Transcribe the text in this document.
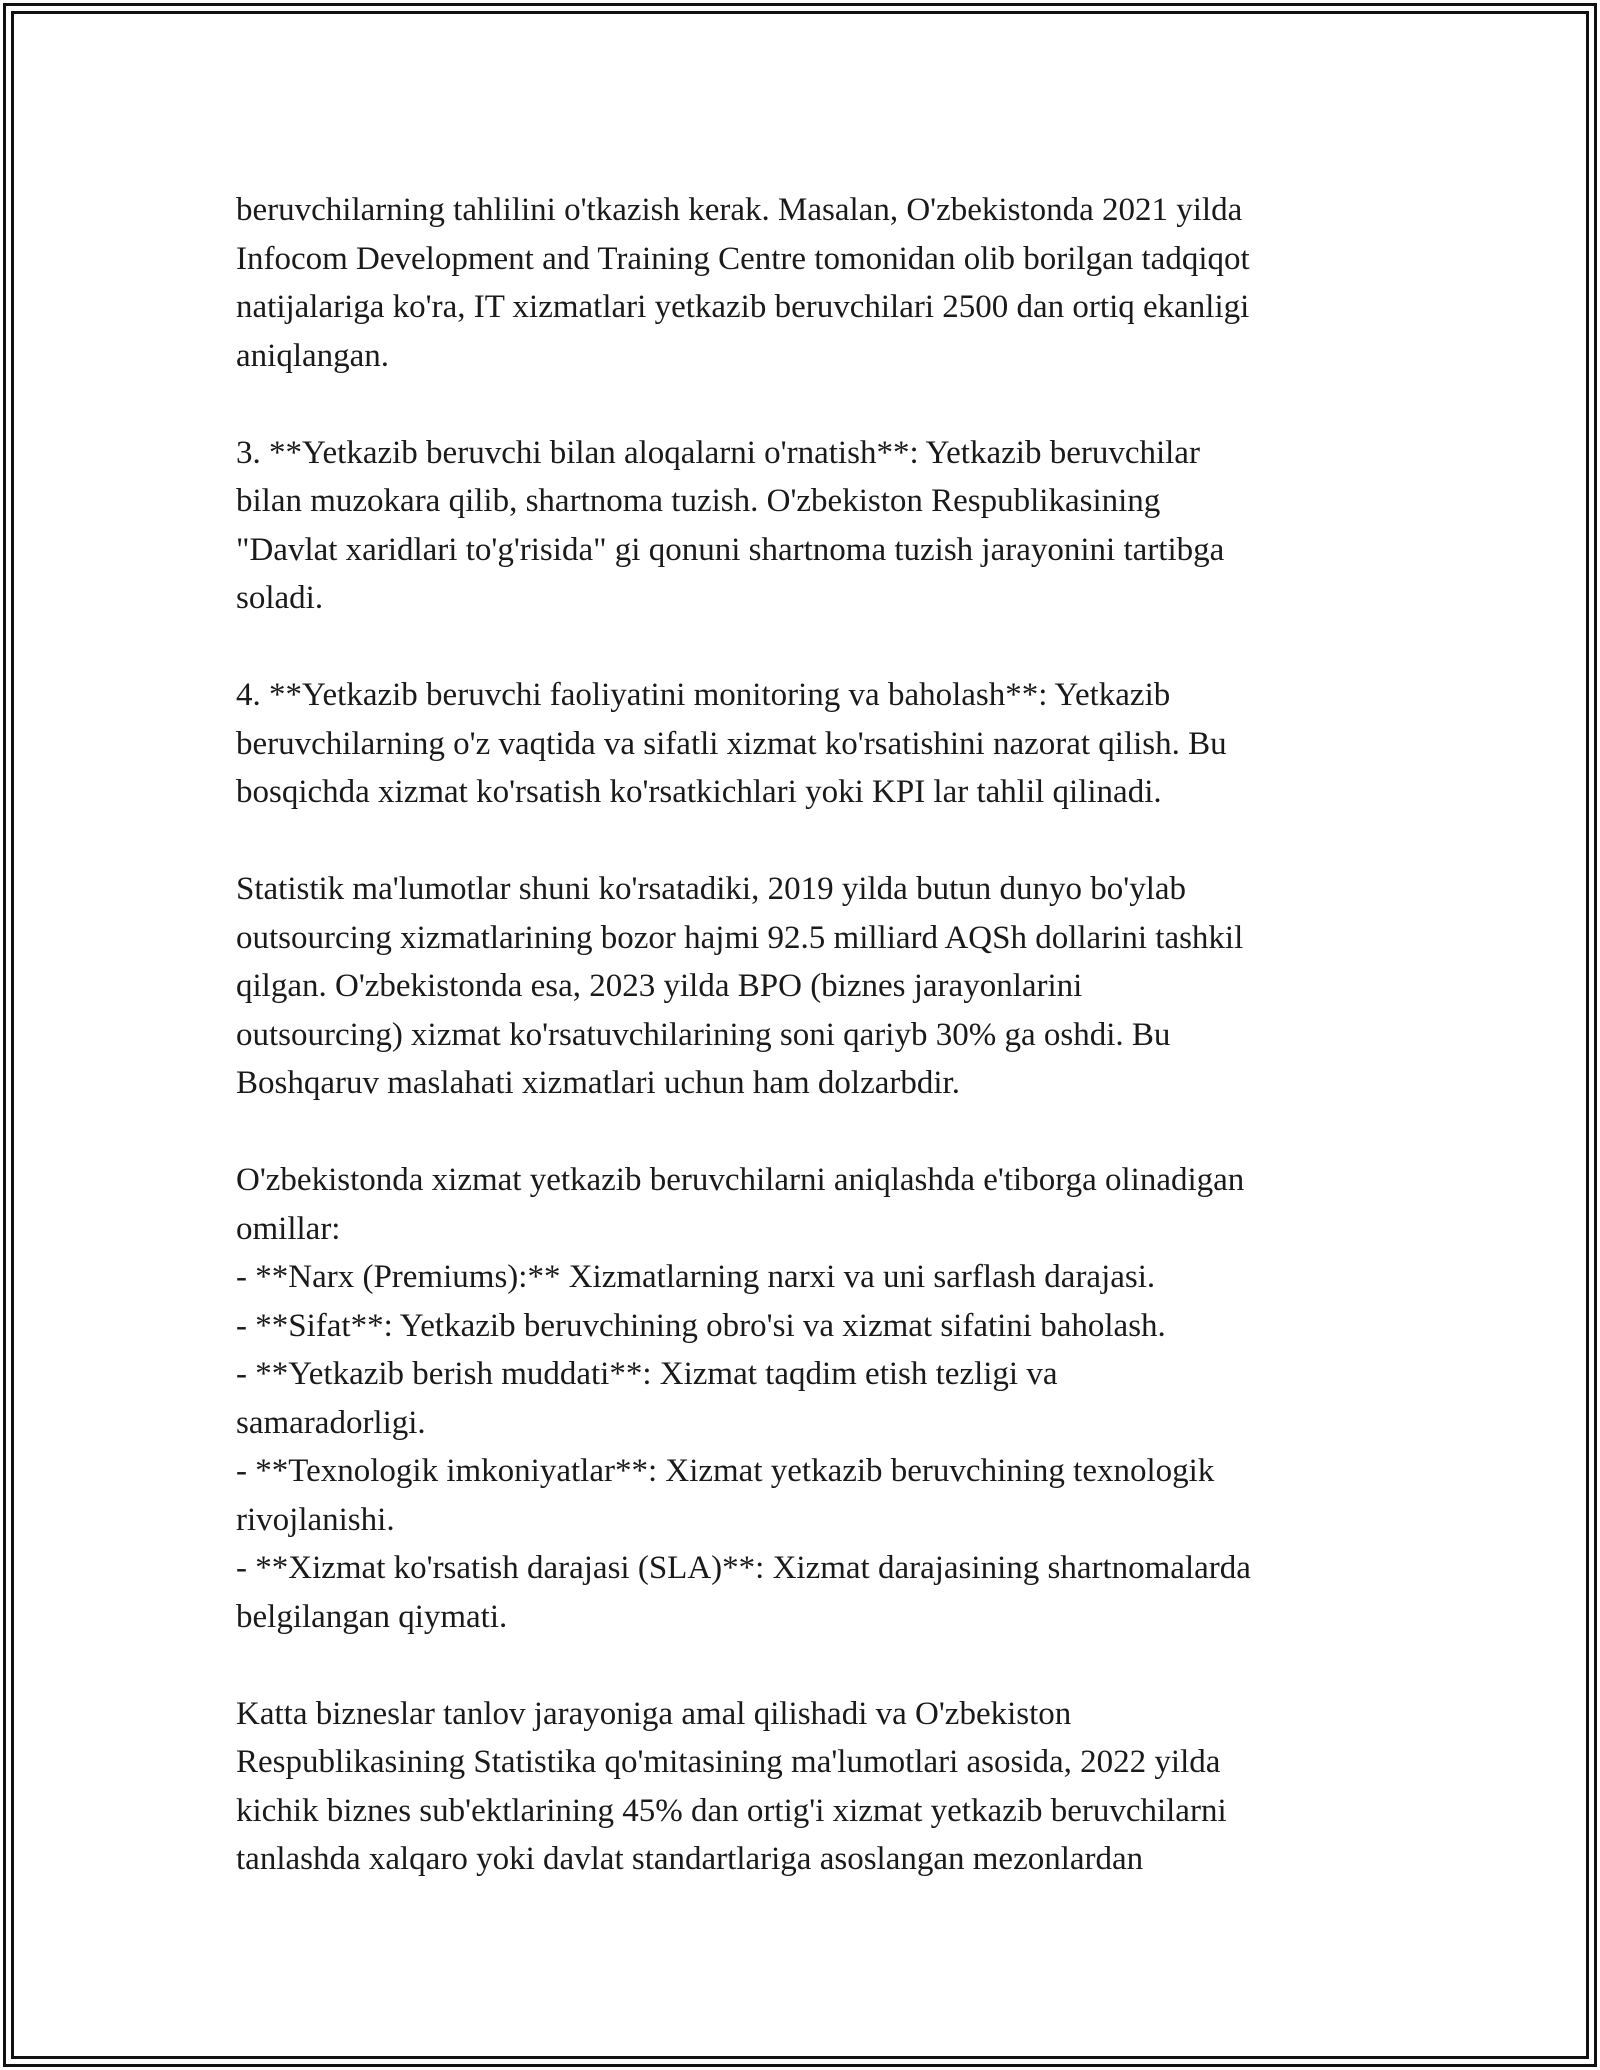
beruvchilarning tahlilini o'tkazish kerak. Masalan, O'zbekistonda 2021 yilda
Infocom Development and Training Centre tomonidan olib borilgan tadqiqot
natijalariga ko'ra, IT xizmatlari yetkazib beruvchilari 2500 dan ortiq ekanligi
aniqlangan.

3. **Yetkazib beruvchi bilan aloqalarni o'rnatish**: Yetkazib beruvchilar
bilan muzokara qilib, shartnoma tuzish. O'zbekiston Respublikasining
"Davlat xaridlari to'g'risida" gi qonuni shartnoma tuzish jarayonini tartibga
soladi.

4. **Yetkazib beruvchi faoliyatini monitoring va baholash**: Yetkazib
beruvchilarning o'z vaqtida va sifatli xizmat ko'rsatishini nazorat qilish. Bu
bosqichda xizmat ko'rsatish ko'rsatkichlari yoki KPI lar tahlil qilinadi.

Statistik ma'lumotlar shuni ko'rsatadiki, 2019 yilda butun dunyo bo'ylab
outsourcing xizmatlarining bozor hajmi 92.5 milliard AQSh dollarini tashkil
qilgan. O'zbekistonda esa, 2023 yilda BPO (biznes jarayonlarini
outsourcing) xizmat ko'rsatuvchilarining soni qariyb 30% ga oshdi. Bu
Boshqaruv maslahati xizmatlari uchun ham dolzarbdir.

O'zbekistonda xizmat yetkazib beruvchilarni aniqlashda e'tiborga olinadigan
omillar:
- **Narx (Premiums):** Xizmatlarning narxi va uni sarflash darajasi.
- **Sifat**: Yetkazib beruvchining obro'si va xizmat sifatini baholash.
- **Yetkazib berish muddati**: Xizmat taqdim etish tezligi va
samaradorligi.
- **Texnologik imkoniyatlar**: Xizmat yetkazib beruvchining texnologik
rivojlanishi.
- **Xizmat ko'rsatish darajasi (SLA)**: Xizmat darajasining shartnomalarda
belgilangan qiymati.

Katta bizneslar tanlov jarayoniga amal qilishadi va O'zbekiston
Respublikasining Statistika qo'mitasining ma'lumotlari asosida, 2022 yilda
kichik biznes sub'ektlarining 45% dan ortig'i xizmat yetkazib beruvchilarni
tanlashda xalqaro yoki davlat standartlariga asoslangan mezonlardan
